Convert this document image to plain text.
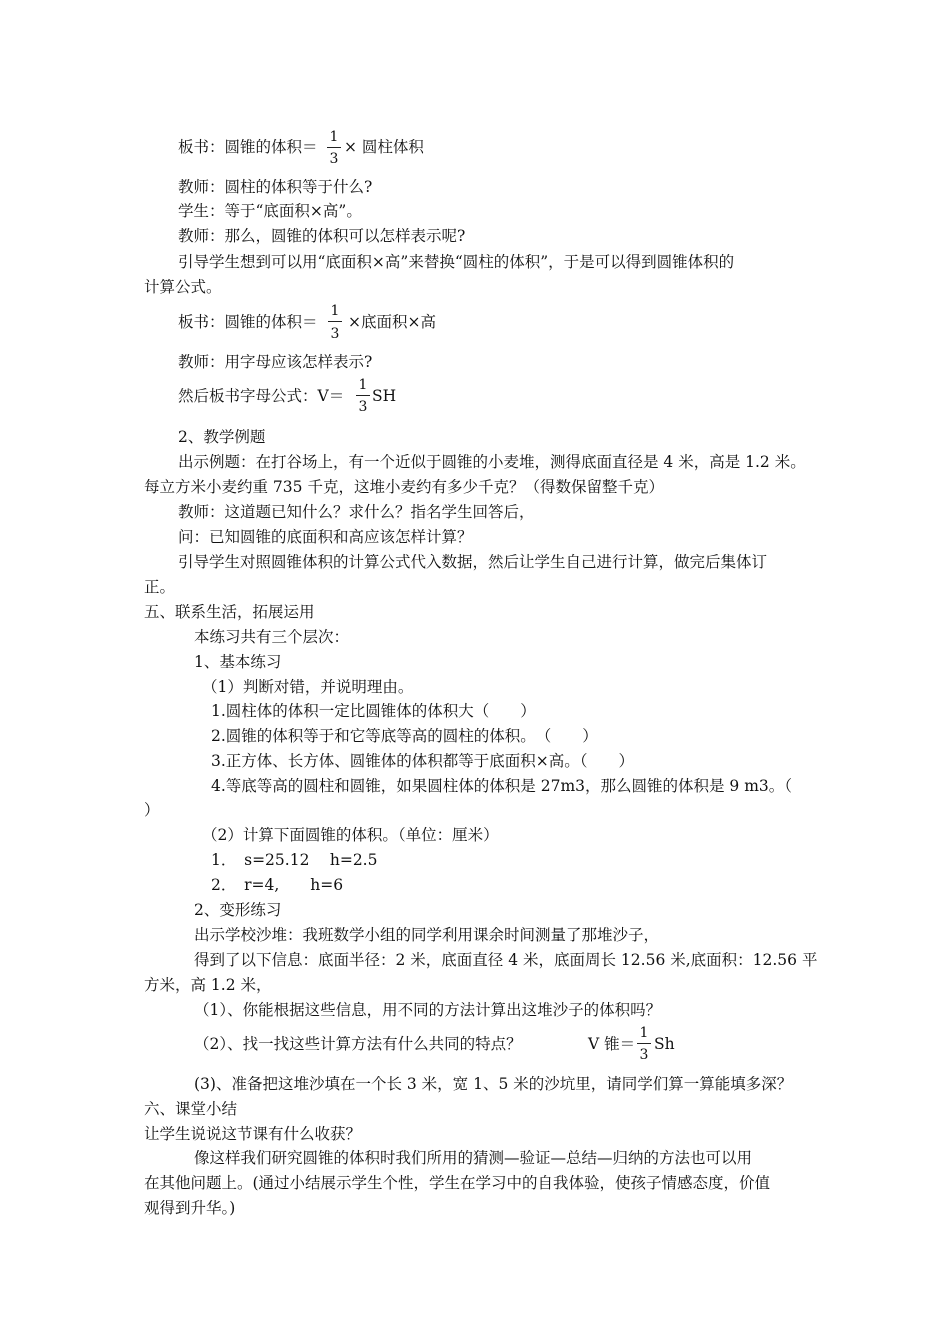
板书：圆锥的体积＝
1
3
× 圆柱体积
教师：圆柱的体积等于什么?
学生：等于“底面积×高”。
教师：那么，圆锥的体积可以怎样表示呢?
引导学生想到可以用“底面积×高”来替换“圆柱的体积”，于是可以得到圆锥体积的
计算公式。
板书：圆锥的体积＝
1
3
×底面积×高
教师：用字母应该怎样表示?
然后板书字母公式：V＝
1
3
SH
2、教学例题
出示例题：在打谷场上，有一个近似于圆锥的小麦堆，测得底面直径是 4 米，高是 1.2 米。
每立方米小麦约重 735 千克，这堆小麦约有多少千克？（得数保留整千克）
教师：这道题已知什么？求什么？指名学生回答后，
问：已知圆锥的底面积和高应该怎样计算？
引导学生对照圆锥体积的计算公式代入数据，然后让学生自己进行计算，做完后集体订
正。
五、联系生活，拓展运用
本练习共有三个层次：
1、基本练习
（1）判断对错，并说明理由。
1.圆柱体的体积一定比圆锥体的体积大（　　）
2.圆锥的体积等于和它等底等高的圆柱的体积。　（　　）
3.正方体、长方体、圆锥体的体积都等于底面积×高。（　　）
4.等底等高的圆柱和圆锥，如果圆柱体的体积是 27m3，那么圆锥的体积是 9 m3。（
）
（2）计算下面圆锥的体积。（单位：厘米）
1．　s=25.12　 h=2.5
2．　r=4,　　h=6
2、变形练习
出示学校沙堆：我班数学小组的同学利用课余时间测量了那堆沙子，
得到了以下信息：底面半径：2 米，底面直径 4 米，底面周长 12.56 米,底面积：12.56 平
方米，高 1.2 米，
（1）、你能根据这些信息，用不同的方法计算出这堆沙子的体积吗？
（2）、找一找这些计算方法有什么共同的特点？	V 锥＝
1
3
Sh
(3)、准备把这堆沙填在一个长 3 米，宽 1、5 米的沙坑里，请同学们算一算能填多深？
六、课堂小结
让学生说说这节课有什么收获？
像这样我们研究圆锥的体积时我们所用的猜测—验证—总结—归纳的方法也可以用
在其他问题上。(通过小结展示学生个性，学生在学习中的自我体验，使孩子情感态度，价值
观得到升华。)
